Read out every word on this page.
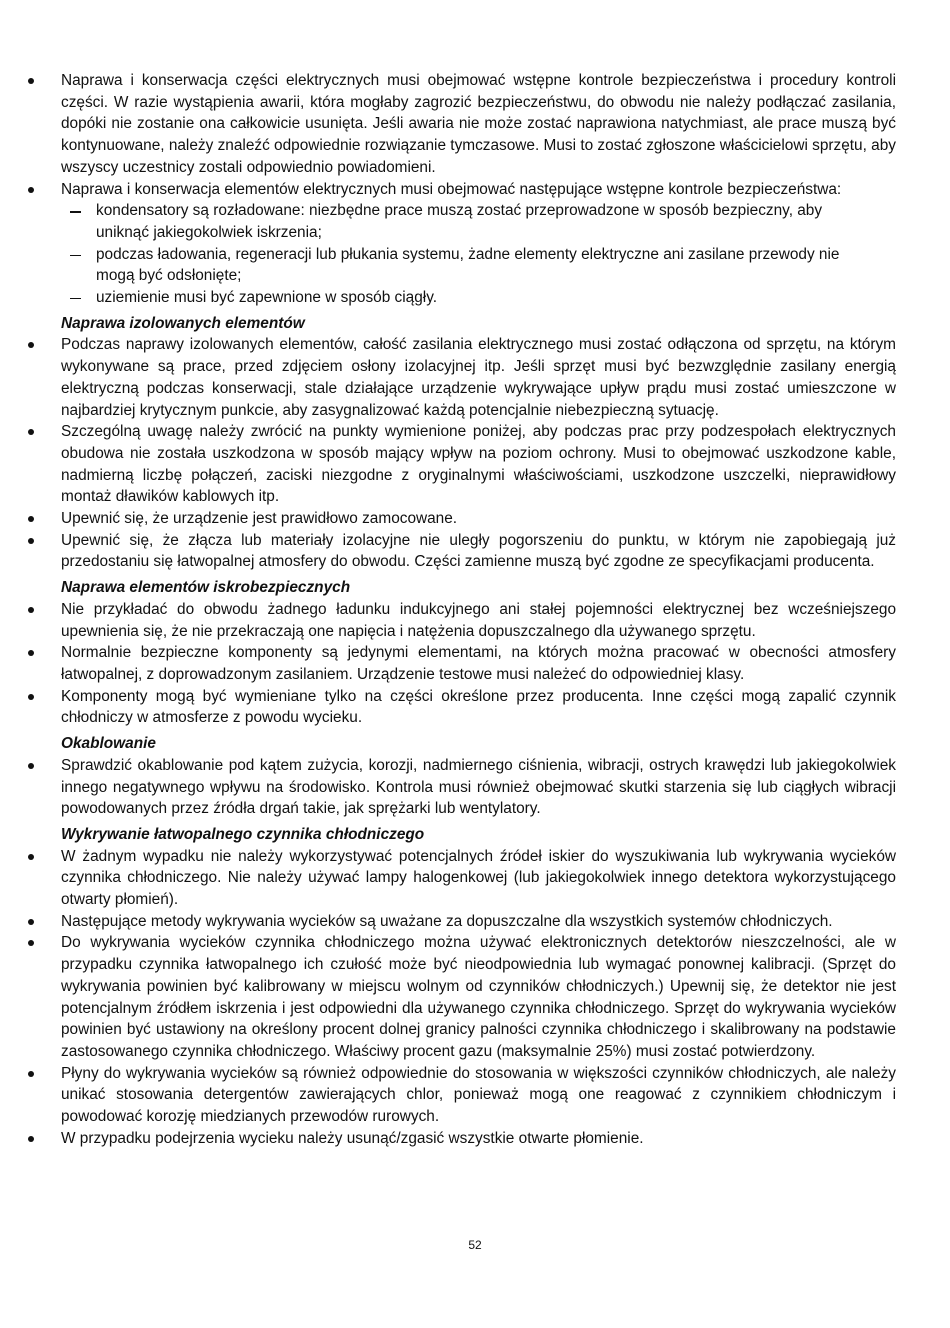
Naprawa i konserwacja części elektrycznych musi obejmować wstępne kontrole bezpieczeństwa i procedury kontroli części. W razie wystąpienia awarii, która mogłaby zagrozić bezpieczeństwu, do obwodu nie należy podłączać zasilania, dopóki nie zostanie ona całkowicie usunięta. Jeśli awaria nie może zostać naprawiona natychmiast, ale prace muszą być kontynuowane, należy znaleźć odpowiednie rozwiązanie tymczasowe. Musi to zostać zgłoszone właścicielowi sprzętu, aby wszyscy uczestnicy zostali odpowiednio powiadomieni.
Naprawa i konserwacja elementów elektrycznych musi obejmować następujące wstępne kontrole bezpieczeństwa:
kondensatory są rozładowane: niezbędne prace muszą zostać przeprowadzone w sposób bezpieczny, aby uniknąć jakiegokolwiek iskrzenia;
podczas ładowania, regeneracji lub płukania systemu, żadne elementy elektryczne ani zasilane przewody nie mogą być odsłonięte;
uziemienie musi być zapewnione w sposób ciągły.
Naprawa izolowanych elementów
Podczas naprawy izolowanych elementów, całość zasilania elektrycznego musi zostać odłączona od sprzętu, na którym wykonywane są prace, przed zdjęciem osłony izolacyjnej itp. Jeśli sprzęt musi być bezwzględnie zasilany energią elektryczną podczas konserwacji, stale działające urządzenie wykrywające upływ prądu musi zostać umieszczone w najbardziej krytycznym punkcie, aby zasygnalizować każdą potencjalnie niebezpieczną sytuację.
Szczególną uwagę należy zwrócić na punkty wymienione poniżej, aby podczas prac przy podzespołach elektrycznych obudowa nie została uszkodzona w sposób mający wpływ na poziom ochrony. Musi to obejmować uszkodzone kable, nadmierną liczbę połączeń, zaciski niezgodne z oryginalnymi właściwościami, uszkodzone uszczelki, nieprawidłowy montaż dławików kablowych itp.
Upewnić się, że urządzenie jest prawidłowo zamocowane.
Upewnić się, że złącza lub materiały izolacyjne nie uległy pogorszeniu do punktu, w którym nie zapobiegają już przedostaniu się łatwopalnej atmosfery do obwodu. Części zamienne muszą być zgodne ze specyfikacjami producenta.
Naprawa elementów iskrobezpiecznych
Nie przykładać do obwodu żadnego ładunku indukcyjnego ani stałej pojemności elektrycznej bez wcześniejszego upewnienia się, że nie przekraczają one napięcia i natężenia dopuszczalnego dla używanego sprzętu.
Normalnie bezpieczne komponenty są jedynymi elementami, na których można pracować w obecności atmosfery łatwopalnej, z doprowadzonym zasilaniem. Urządzenie testowe musi należeć do odpowiedniej klasy.
Komponenty mogą być wymieniane tylko na części określone przez producenta. Inne części mogą zapalić czynnik chłodniczy w atmosferze z powodu wycieku.
Okablowanie
Sprawdzić okablowanie pod kątem zużycia, korozji, nadmiernego ciśnienia, wibracji, ostrych krawędzi lub jakiegokolwiek innego negatywnego wpływu na środowisko. Kontrola musi również obejmować skutki starzenia się lub ciągłych wibracji powodowanych przez źródła drgań takie, jak sprężarki lub wentylatory.
Wykrywanie łatwopalnego czynnika chłodniczego
W żadnym wypadku nie należy wykorzystywać potencjalnych źródeł iskier do wyszukiwania lub wykrywania wycieków czynnika chłodniczego. Nie należy używać lampy halogenkowej (lub jakiegokolwiek innego detektora wykorzystującego otwarty płomień).
Następujące metody wykrywania wycieków są uważane za dopuszczalne dla wszystkich systemów chłodniczych.
Do wykrywania wycieków czynnika chłodniczego można używać elektronicznych detektorów nieszczelności, ale w przypadku czynnika łatwopalnego ich czułość może być nieodpowiednia lub wymagać ponownej kalibracji. (Sprzęt do wykrywania powinien być kalibrowany w miejscu wolnym od czynników chłodniczych.) Upewnij się, że detektor nie jest potencjalnym źródłem iskrzenia i jest odpowiedni dla używanego czynnika chłodniczego. Sprzęt do wykrywania wycieków powinien być ustawiony na określony procent dolnej granicy palności czynnika chłodniczego i skalibrowany na podstawie zastosowanego czynnika chłodniczego. Właściwy procent gazu (maksymalnie 25%) musi zostać potwierdzony.
Płyny do wykrywania wycieków są również odpowiednie do stosowania w większości czynników chłodniczych, ale należy unikać stosowania detergentów zawierających chlor, ponieważ mogą one reagować z czynnikiem chłodniczym i powodować korozję miedzianych przewodów rurowych.
W przypadku podejrzenia wycieku należy usunąć/zgasić wszystkie otwarte płomienie.
52
